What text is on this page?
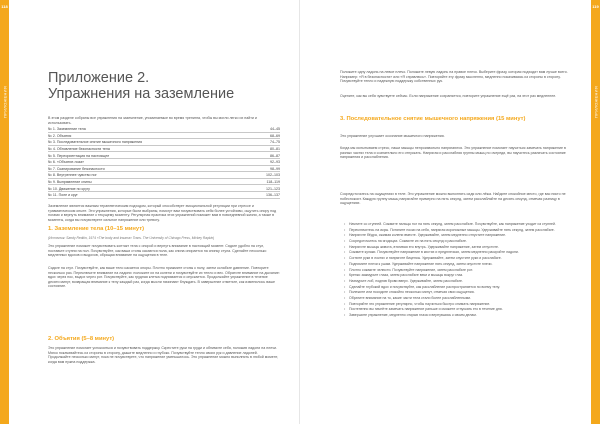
118
ПРИЛОЖЕНИЯ
119
ПРИЛОЖЕНИЯ
Приложение 2.
Упражнения на заземление

В этом разделе собраны все упражнения на заземление, упоминаемые во время тренинга, чтобы вы могли легко их найти и использовать.

№ 1. Заземление тела	44–45
№ 2. Объятия	68–69
№ 3. Последовательное снятие мышечного напряжения	74–75
№ 4. Обновление безопасности тела	80–81
№ 5. Переориентация на настоящее	86–87
№ 6. «Объятие-поза»	92–93
№ 7. Сканирование безопасности	98–99
№ 8. Внутреннее чувство ног	102–103
№ 9. Выпрямление спины	118–119
№ 10. Движение по кругу	121–123
№ 11. Поле и круг	136–137

Заземление является важным терапевтическим подходом, который способствует эмоциональной регуляции при стрессе и травматическом опыте. Эти упражнения, которые были выбраны, помогут вам почувствовать себя более устойчиво, ощутить опору под ногами и вернуть внимание к текущему моменту. Регулярная практика этих упражнений поможет вам в повседневной жизни, а также в моменты, когда вы почувствуете сильное напряжение или тревогу.

1. Заземление тела (10–15 минут)

(Источник: Sandy Redkin, 1974 «The body and trauma» Trans. The University of Chicago Press, Mickey Rapkin)

Это упражнение поможет почувствовать контакт тела с опорой и вернуть внимание в настоящий момент. Сядьте удобно на стул, поставьте ступни на пол. Почувствуйте, как ваши стопы касаются пола, как спина опирается на спинку стула. Сделайте несколько медленных вдохов и выдохов, обращая внимание на ощущения в теле.

Сядьте на стул. Почувствуйте, как ваше тело касается опоры. Плотно прижмите стопы к полу, затем ослабьте давление. Повторите несколько раз. Переключите внимание на ладони: положите их на колени и почувствуйте их тепло и вес. Обратите внимание на дыхание: вдох через нос, выдох через рот. Почувствуйте, как грудная клетка поднимается и опускается. Продолжайте упражнение в течение десяти минут, возвращая внимание к телу каждый раз, когда мысли начинают блуждать. В завершение отметьте, как изменилось ваше состояние.

2. Объятия (5–8 минут)

Это упражнение помогает успокоиться и почувствовать поддержку. Скрестите руки на груди и обнимите себя, положив ладони на плечи. Мягко покачивайтесь из стороны в сторону, дышите медленно и глубоко. Почувствуйте тепло своих рук и давление ладоней. Продолжайте несколько минут, пока не почувствуете, что напряжение уменьшилось. Это упражнение можно выполнять в любой момент, когда вам нужна поддержка.

Положите одну ладонь на левое плечо. Положите левую ладонь на правое плечо. Выберите фразу, которая подходит вам лучше всего. Например: «Я в безопасности» или «Я справлюсь». Повторяйте эту фразу мысленно, медленно покачиваясь из стороны в сторону. Почувствуйте тепло и надежную поддержку собственных рук.

Оцените, как вы себя чувствуете сейчас. Если напряжение сохраняется, повторите упражнение ещё раз, на этот раз медленнее.

3. Последовательное снятие мышечного напряжения (15 минут)

Это упражнение улучшает осознание мышечного напряжения.

Когда мы испытываем стресс, наши мышцы непроизвольно напрягаются. Это упражнение помогает научиться замечать напряжение в разных частях тела и сознательно его отпускать. Напрягая и расслабляя группы мышц по очереди, вы научитесь различать состояние напряжения и расслабления.

Сосредоточьтесь на ощущениях в теле. Это упражнение можно выполнять сидя или лёжа. Найдите спокойное место, где вас никто не побеспокоит. Каждую группу мышц напрягайте примерно на пять секунд, затем расслабляйте на десять секунд, отмечая разницу в ощущениях.

• Начните со ступней. Сожмите пальцы ног на пять секунд, затем расслабьте. Почувствуйте, как напряжение уходит из ступней.
• Переключитесь на икры. Потяните носки на себя, напрягая икроножные мышцы. Удерживайте пять секунд, затем расслабьте.
• Напрягите бёдра, сжимая колени вместе. Удерживайте, затем медленно отпустите напряжение.
• Сосредоточьтесь на ягодицах. Сожмите их на пять секунд и расслабьте.
• Напрягите мышцы живота, втягивая его внутрь. Удерживайте напряжение, затем отпустите.
• Сожмите кулаки. Почувствуйте напряжение в кистях и предплечьях, затем медленно раскройте ладони.
• Согните руки в локтях и напрягите бицепсы. Удерживайте, затем опустите руки и расслабьте.
• Поднимите плечи к ушам. Удерживайте напряжение пять секунд, затем опустите плечи.
• Плотно сожмите челюсти. Почувствуйте напряжение, затем расслабьте рот.
• Крепко зажмурьте глаза, затем расслабьте веки и мышцы вокруг глаз.
• Нахмурьте лоб, подняв брови вверх. Удерживайте, затем расслабьте.
• Сделайте глубокий вдох и почувствуйте, как расслабление распространяется по всему телу.
• Полежите или посидите спокойно несколько минут, отмечая свои ощущения.
• Обратите внимание на то, какие части тела стали более расслабленными.
• Повторяйте это упражнение регулярно, чтобы научиться быстро снимать напряжение.
• Постепенно вы начнёте замечать напряжение раньше и сможете отпускать его в течение дня.
• Завершите упражнение, медленно открыв глаза и вернувшись к своим делам.
